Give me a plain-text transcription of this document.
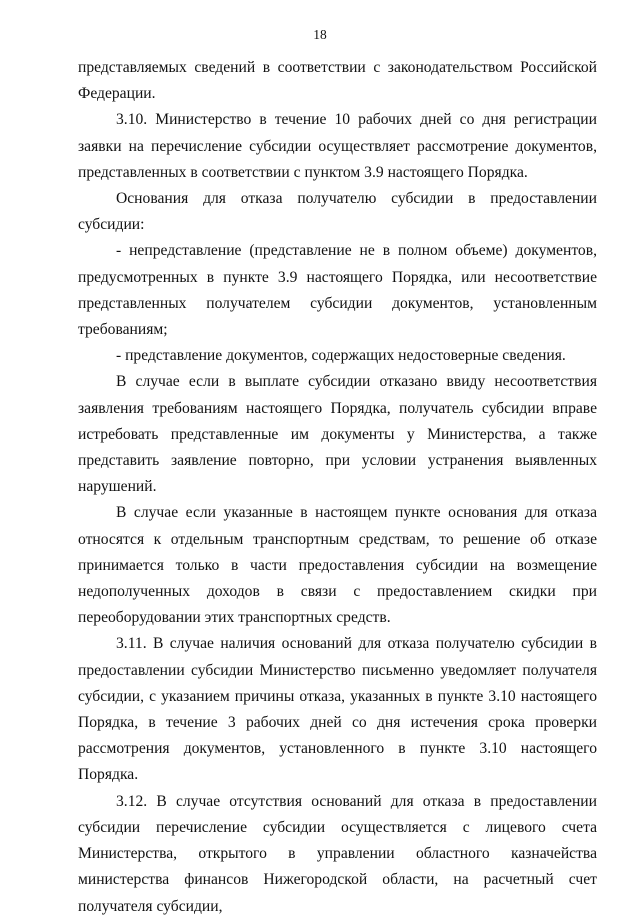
18

представляемых сведений в соответствии с законодательством Российской Федерации.

3.10. Министерство в течение 10 рабочих дней со дня регистрации заявки на перечисление субсидии осуществляет рассмотрение документов, представленных в соответствии с пунктом 3.9 настоящего Порядка.

Основания для отказа получателю субсидии в предоставлении субсидии:

- непредставление (представление не в полном объеме) документов, предусмотренных в пункте 3.9 настоящего Порядка, или несоответствие представленных получателем субсидии документов, установленным требованиям;

- представление документов, содержащих недостоверные сведения.

В случае если в выплате субсидии отказано ввиду несоответствия заявления требованиям настоящего Порядка, получатель субсидии вправе истребовать представленные им документы у Министерства, а также представить заявление повторно, при условии устранения выявленных нарушений.

В случае если указанные в настоящем пункте основания для отказа относятся к отдельным транспортным средствам, то решение об отказе принимается только в части предоставления субсидии на возмещение недополученных доходов в связи с предоставлением скидки при переоборудовании этих транспортных средств.

3.11. В случае наличия оснований для отказа получателю субсидии в предоставлении субсидии Министерство письменно уведомляет получателя субсидии, с указанием причины отказа, указанных в пункте 3.10 настоящего Порядка, в течение 3 рабочих дней со дня истечения срока проверки рассмотрения документов, установленного в пункте 3.10 настоящего Порядка.

3.12. В случае отсутствия оснований для отказа в предоставлении субсидии перечисление субсидии осуществляется с лицевого счета Министерства, открытого в управлении областного казначейства министерства финансов Нижегородской области, на расчетный счет получателя субсидии,
